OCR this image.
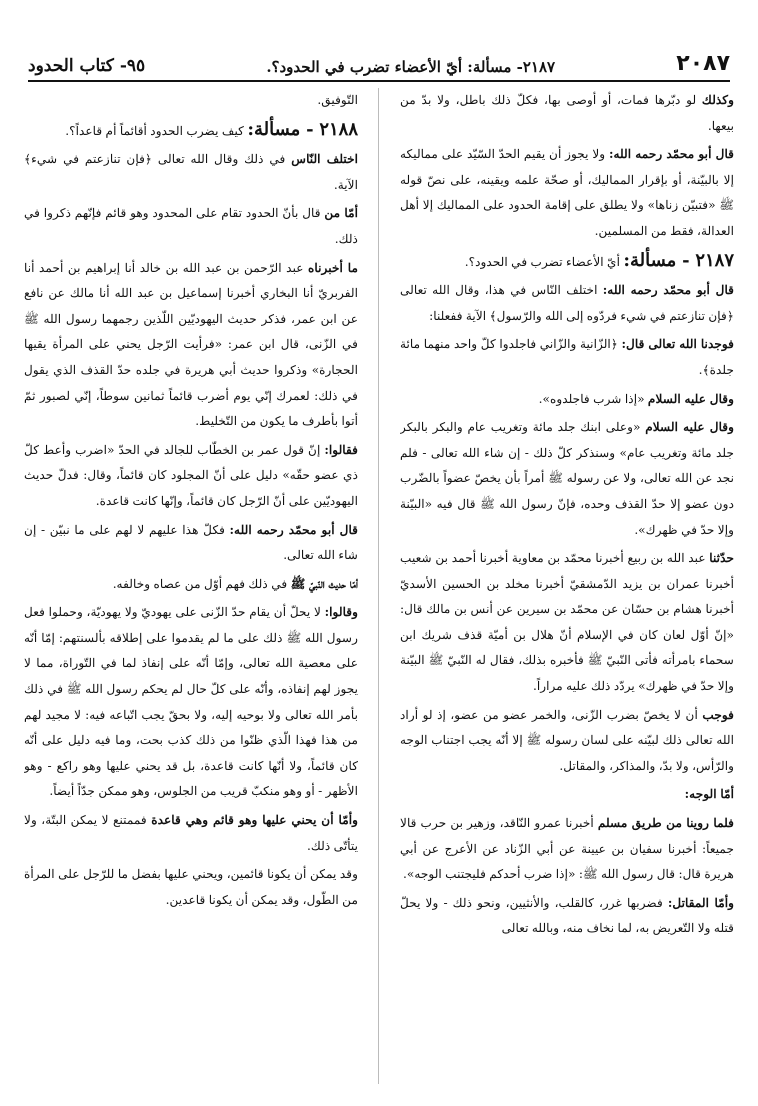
٢٠٨٧
٢١٨٧- مسألة: أيّ الأعضاء تضرب في الحدود؟.
٩٥- كتاب الحدود

وكذلك لو دبّرها فمات، أو أوصى بها، فكلّ ذلك باطل، ولا بدّ من بيعها.

قال أبو محمّد رحمه الله: ولا يجوز أن يقيم الحدّ السّيّد على مماليكه إلا بالبيّنة، أو بإقرار المماليك، أو صحّة علمه ويقينه، على نصّ قوله ﷺ «فتبيّن زناها» ولا يطلق على إقامة الحدود على المماليك إلا أهل العدالة، فقط من المسلمين.

٢١٨٧ - مسألة: أيّ الأعضاء تضرب في الحدود؟.

قال أبو محمّد رحمه الله: اختلف النّاس في هذا، وقال الله تعالى ﴿فإن تنازعتم في شيء فردّوه إلى الله والرّسول﴾ الآية ففعلنا:

فوجدنا الله تعالى قال: ﴿الزّانية والزّاني فاجلدوا كلّ واحد منهما مائة جلدة﴾.

وقال عليه السلام «إذا شرب فاجلدوه».

وقال عليه السلام «وعلى ابنك جلد مائة وتغريب عام والبكر بالبكر جلد مائة وتغريب عام» وسنذكر كلّ ذلك - إن شاء الله تعالى - فلم نجد عن الله تعالى، ولا عن رسوله ﷺ أمراً بأن يخصّ عضواً بالضّرب دون عضو إلا حدّ القذف وحده، فإنّ رسول الله ﷺ قال فيه «البيّنة وإلا حدّ في ظهرك».

حدّثنا عبد الله بن ربيع أخبرنا محمّد بن معاوية أخبرنا أحمد بن شعيب أخبرنا عمران بن يزيد الدّمشقيّ أخبرنا مخلد بن الحسين الأسديّ أخبرنا هشام بن حسّان عن محمّد بن سيرين عن أنس بن مالك قال: «إنّ أوّل لعان كان في الإسلام أنّ هلال بن أميّة قذف شريك ابن سحماء بامرأته فأتى النّبيّ ﷺ فأخبره بذلك، فقال له النّبيّ ﷺ البيّنة وإلا حدّ في ظهرك» يردّد ذلك عليه مراراً.

فوجب أن لا يخصّ بضرب الزّنى، والخمر عضو من عضو، إذ لو أراد الله تعالى ذلك لبيّنه على لسان رسوله ﷺ إلا أنّه يجب اجتناب الوجه والرّأس، ولا بدّ، والمذاكر، والمقاتل.

أمّا الوجه:

فلما روينا من طريق مسلم أخبرنا عمرو النّاقد، وزهير بن حرب قالا جميعاً: أخبرنا سفيان بن عيينة عن أبي الزّناد عن الأعرج عن أبي هريرة قال: قال رسول الله ﷺ: «إذا ضرب أحدكم فليجتنب الوجه».

وأمّا المقاتل: فضربها غرر، كالقلب، والأنثيين، ونحو ذلك - ولا يحلّ قتله ولا التّعريض به، لما نخاف منه، وبالله تعالى

التّوفيق.

٢١٨٨ - مسألة: كيف يضرب الحدود أقائماً أم قاعداً؟.

اختلف النّاس في ذلك وقال الله تعالى ﴿فإن تنازعتم في شيء﴾ الآية.

أمّا من قال بأنّ الحدود تقام على المحدود وهو قائم فإنّهم ذكروا في ذلك.

ما أخبرناه عبد الرّحمن بن عبد الله بن خالد أنا إبراهيم بن أحمد أنا الفربريّ أنا البخاري أخبرنا إسماعيل بن عبد الله أنا مالك عن نافع عن ابن عمر، فذكر حديث اليهوديّين اللّذين رجمهما رسول الله ﷺ في الزّنى، قال ابن عمر: «فرأيت الرّجل يحني على المرأة يقيها الحجارة» وذكروا حديث أبي هريرة في جلده حدّ القذف الذي يقول في ذلك: لعمرك إنّي يوم أضرب قائماً ثمانين سوطاً، إنّي لصبور ثمّ أتوا بأطرف ما يكون من التّخليط.

فقالوا: إنّ قول عمر بن الخطّاب للجالد في الحدّ «اضرب وأعط كلّ ذي عضو حقّه» دليل على أنّ المجلود كان قائماً، وقال: فدلّ حديث اليهوديّين على أنّ الرّجل كان قائماً، وإنّها كانت قاعدة.

قال أبو محمّد رحمه الله: فكلّ هذا عليهم لا لهم على ما نبيّن - إن شاء الله تعالى.

أمّا حديث النّبيّ ﷺ في ذلك فهم أوّل من عصاه وخالفه.

وقالوا: لا يحلّ أن يقام حدّ الزّنى على يهوديّ ولا يهوديّة، وحملوا فعل رسول الله ﷺ ذلك على ما لم يقدموا على إطلاقه بألسنتهم: إمّا أنّه على معصية الله تعالى، وإمّا أنّه على إنفاذ لما في التّوراة، مما لا يجوز لهم إنفاذه، وأنّه على كلّ حال لم يحكم رسول الله ﷺ في ذلك بأمر الله تعالى ولا بوحيه إليه، ولا بحقّ يجب اتّباعه فيه: لا مجيد لهم من هذا فهذا الّذي ظنّوا من ذلك كذب بحت، وما فيه دليل على أنّه كان قائماً، ولا أنّها كانت قاعدة، بل قد يحني عليها وهو راكع - وهو الأظهر - أو وهو منكبّ قريب من الجلوس، وهو ممكن جدّاً أيضاً.

وأمّا أن يحني عليها وهو قائم وهي قاعدة فممتنع لا يمكن البتّة، ولا يتأتّى ذلك.

وقد يمكن أن يكونا قائمين، ويحني عليها بفضل ما للرّجل على المرأة من الطّول، وقد يمكن أن يكونا قاعدين.
